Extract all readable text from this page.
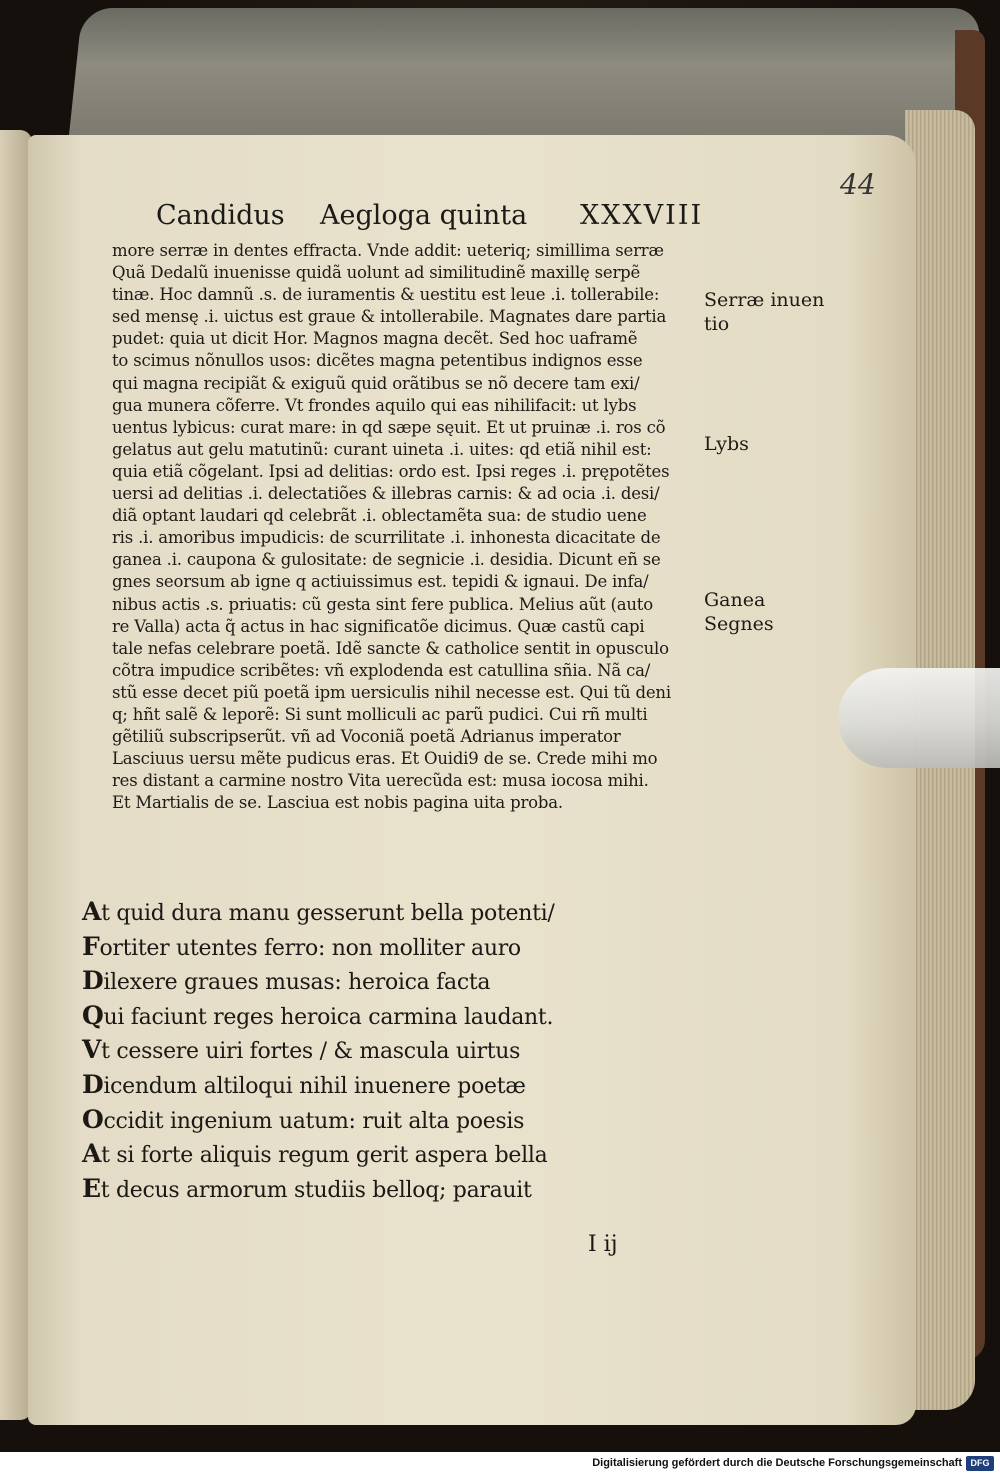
44
Candidus Aegloga quinta XXXVIII
more serræ in dentes effracta. Vnde addit: ueteriq; simillima serræ
Quã Dedalũ inuenisse quidã uolunt ad similitudinẽ maxillę serpẽ
tinæ. Hoc damnũ .s. de iuramentis & uestitu est leue .i. tollerabile:
sed mensę .i. uictus est graue & intollerabile. Magnates dare partia
pudet: quia ut dicit Hor. Magnos magna decẽt. Sed hoc uaframẽ
to scimus nõnullos usos: dicẽtes magna petentibus indignos esse
qui magna recipiãt & exiguũ quid orãtibus se nõ decere tam exi/
gua munera cõferre. Vt frondes aquilo qui eas nihilifacit: ut lybs
uentus lybicus: curat mare: in qd sæpe sęuit. Et ut pruinæ .i. ros cõ
gelatus aut gelu matutinũ: curant uineta .i. uites: qd etiã nihil est:
quia etiã cõgelant. Ipsi ad delitias: ordo est. Ipsi reges .i. prępotẽtes
uersi ad delitias .i. delectatiões & illebras carnis: & ad ocia .i. desi/
diã optant laudari qd celebrãt .i. oblectamẽta sua: de studio uene
ris .i. amoribus impudicis: de scurrilitate .i. inhonesta dicacitate de
ganea .i. caupona & gulositate: de segnicie .i. desidia. Dicunt eñ se
gnes seorsum ab igne q actiuissimus est. tepidi & ignaui. De infa/
nibus actis .s. priuatis: cũ gesta sint fere publica. Melius aũt (auto
re Valla) acta q̃ actus in hac significatõe dicimus. Quæ castũ capi
tale nefas celebrare poetã. Idẽ sancte & catholice sentit in opusculo
cõtra impudice scribẽtes: vñ explodenda est catullina sñia. Nã ca/
stũ esse decet piũ poetã ipm uersiculis nihil necesse est. Qui tũ deni
q; hñt salẽ & leporẽ: Si sunt molliculi ac parũ pudici. Cui rñ multi
gẽtiliũ subscripserũt. vñ ad Voconiã poetã Adrianus imperator
Lasciuus uersu mẽte pudicus eras. Et Ouidi9 de se. Crede mihi mo
res distant a carmine nostro Vita uerecũda est: musa iocosa mihi.
Et Martialis de se. Lasciua est nobis pagina uita proba.
Serræ inuen
tio
Lybs
Ganea
Segnes
At quid dura manu gesserunt bella potenti/
Fortiter utentes ferro: non molliter auro
Dilexere graues musas: heroica facta
Qui faciunt reges heroica carmina laudant.
Vt cessere uiri fortes / & mascula uirtus
Dicendum altiloqui nihil inuenere poetæ
Occidit ingenium uatum: ruit alta poesis
At si forte aliquis regum gerit aspera bella
Et decus armorum studiis belloq; parauit
I ij
Digitalisierung gefördert durch die Deutsche Forschungsgemeinschaft DFG
